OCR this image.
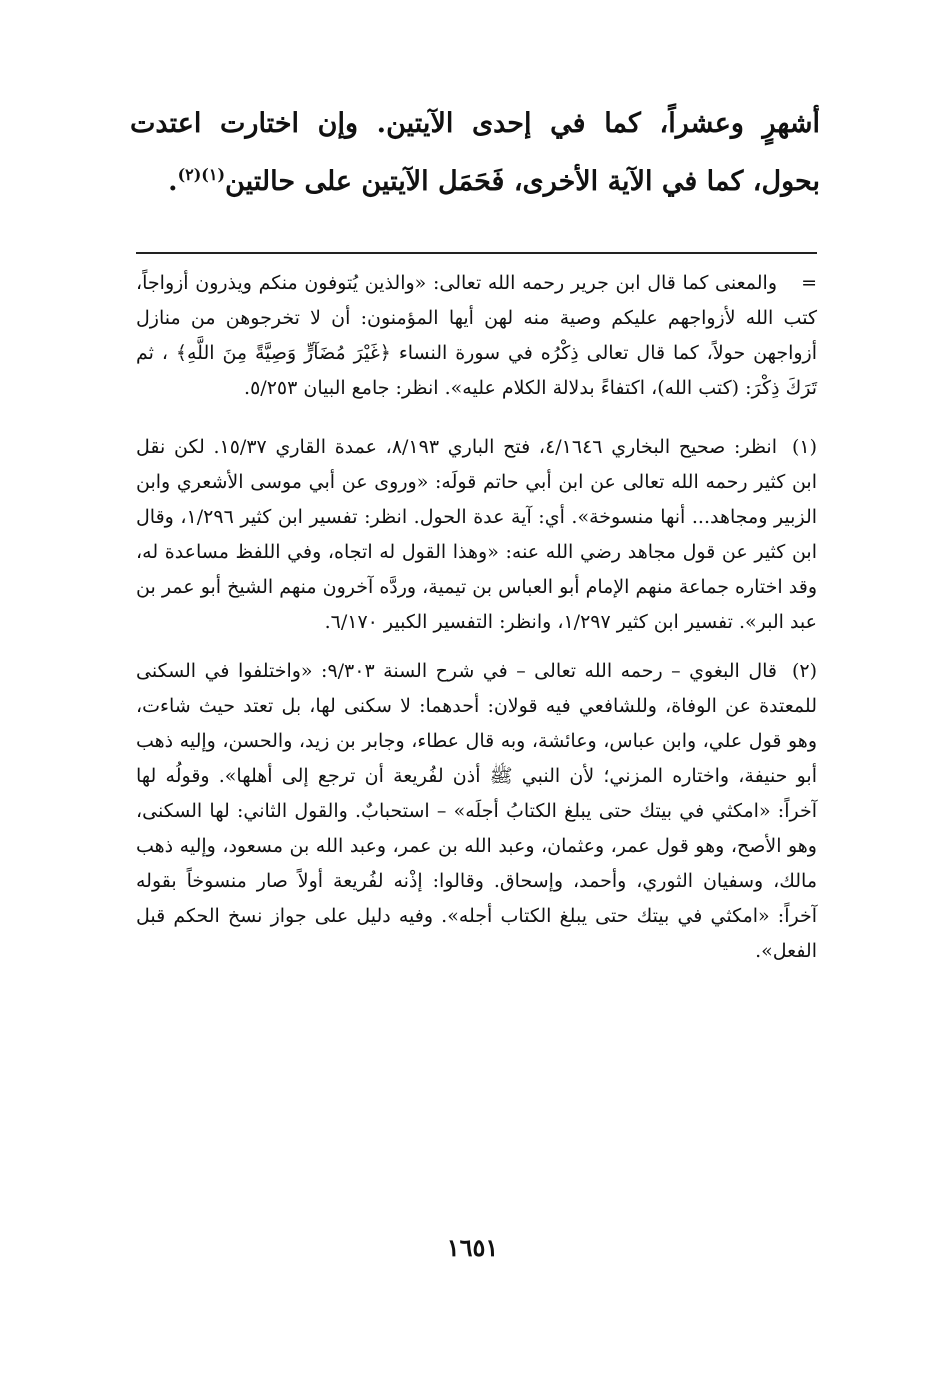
أشهرٍ وعشراً، كما في إحدى الآيتين. وإن اختارت اعتدت بحول، كما في الآية الأخرى، فَحَمَل الآيتين على حالتين$^{(١)(٢)}$.

=والمعنى كما قال ابن جرير رحمه الله تعالى: «والذين يُتوفون منكم ويذرون أزواجاً، كتب الله لأزواجهم عليكم وصية منه لهن أيها المؤمنون: أن لا تخرجوهن من منازل أزواجهن حولاً، كما قال تعالى ذِكْرُه في سورة النساء ﴿غَيْرَ مُضَآرٍّ وَصِيَّةً مِنَ اللَّهِ﴾ ، ثم تَرَكَ ذِكْرَ: (كتب الله)، اكتفاءً بدلالة الكلام عليه». انظر: جامع البيان ٥/٢٥٣.

(١)انظر: صحيح البخاري ٤/١٦٤٦، فتح الباري ٨/١٩٣، عمدة القاري ١٥/٣٧. لكن نقل ابن كثير رحمه الله تعالى عن ابن أبي حاتم قولَه: «وروى عن أبي موسى الأشعري وابن الزبير ومجاهد... أنها منسوخة». أي: آية عدة الحول. انظر: تفسير ابن كثير ١/٢٩٦، وقال ابن كثير عن قول مجاهد رضي الله عنه: «وهذا القول له اتجاه، وفي اللفظ مساعدة له، وقد اختاره جماعة منهم الإمام أبو العباس بن تيمية، وردَّه آخرون منهم الشيخ أبو عمر بن عبد البر». تفسير ابن كثير ١/٢٩٧، وانظر: التفسير الكبير ٦/١٧٠.

(٢)قال البغوي – رحمه الله تعالى – في شرح السنة ٩/٣٠٣: «واختلفوا في السكنى للمعتدة عن الوفاة، وللشافعي فيه قولان: أحدهما: لا سكنى لها، بل تعتد حيث شاءت، وهو قول علي، وابن عباس، وعائشة، وبه قال عطاء، وجابر بن زيد، والحسن، وإليه ذهب أبو حنيفة، واختاره المزني؛ لأن النبي ﷺ أذن لفُريعة أن ترجع إلى أهلها». وقولُه لها آخراً: «امكثي في بيتك حتى يبلغ الكتابُ أجلَه» – استحبابٌ. والقول الثاني: لها السكنى، وهو الأصح، وهو قول عمر، وعثمان، وعبد الله بن عمر، وعبد الله بن مسعود، وإليه ذهب مالك، وسفيان الثوري، وأحمد، وإسحاق. وقالوا: إذْنه لفُريعة أولاً صار منسوخاً بقوله آخراً: «امكثي في بيتك حتى يبلغ الكتاب أجله». وفيه دليل على جواز نسخ الحكم قبل الفعل».

١٦٥١
